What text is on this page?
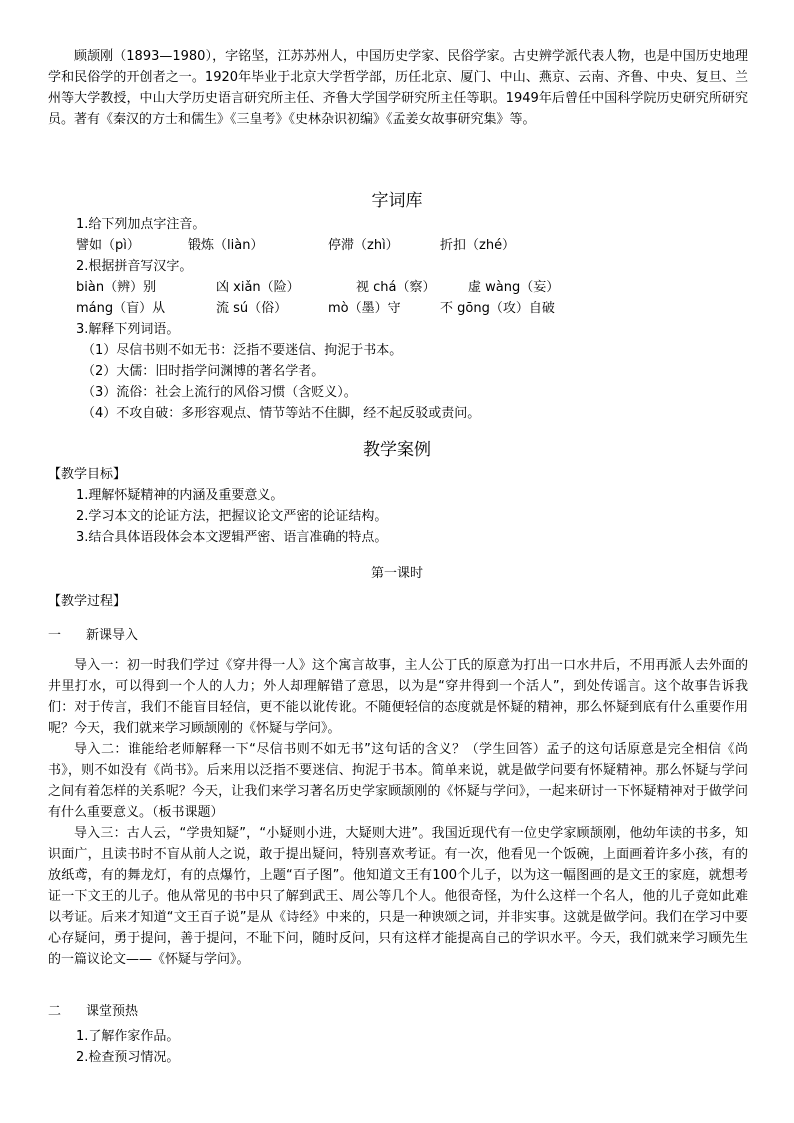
顾颉刚（1893—1980），字铭坚，江苏苏州人，中国历史学家、民俗学家。古史辨学派代表人物，也是中国历史地理学和民俗学的开创者之一。1920年毕业于北京大学哲学部，历任北京、厦门、中山、燕京、云南、齐鲁、中央、复旦、兰州等大学教授，中山大学历史语言研究所主任、齐鲁大学国学研究所主任等职。1949年后曾任中国科学院历史研究所研究员。著有《秦汉的方士和儒生》《三皇考》《史林杂识初编》《孟姜女故事研究集》等。

字词库

1.给下列加点字注音。

譬如（pì）	锻炼（liàn）	停滞（zhì）	折扣（zhé）

2.根据拼音写汉字。

biàn（辨）别	凶 xiǎn（险）	视 chá（察）	虚 wàng（妄）
máng（盲）从	流 sú（俗）	mò（墨）守	不 gōng（攻）自破

3.解释下列词语。

（1）尽信书则不如无书：泛指不要迷信、拘泥于书本。

（2）大儒：旧时指学问渊博的著名学者。

（3）流俗：社会上流行的风俗习惯（含贬义）。

（4）不攻自破：多形容观点、情节等站不住脚，经不起反驳或责问。

教学案例

【教学目标】

1.理解怀疑精神的内涵及重要意义。

2.学习本文的论证方法，把握议论文严密的论证结构。

3.结合具体语段体会本文逻辑严密、语言准确的特点。

第一课时

【教学过程】

一 新课导入

导入一：初一时我们学过《穿井得一人》这个寓言故事，主人公丁氏的原意为打出一口水井后，不用再派人去外面的井里打水，可以得到一个人的人力；外人却理解错了意思，以为是“穿井得到一个活人”，到处传谣言。这个故事告诉我们：对于传言，我们不能盲目轻信，更不能以讹传讹。不随便轻信的态度就是怀疑的精神，那么怀疑到底有什么重要作用呢？今天，我们就来学习顾颉刚的《怀疑与学问》。

导入二：谁能给老师解释一下“尽信书则不如无书”这句话的含义？（学生回答）孟子的这句话原意是完全相信《尚书》，则不如没有《尚书》。后来用以泛指不要迷信、拘泥于书本。简单来说，就是做学问要有怀疑精神。那么怀疑与学问之间有着怎样的关系呢？今天，让我们来学习著名历史学家顾颉刚的《怀疑与学问》，一起来研讨一下怀疑精神对于做学问有什么重要意义。（板书课题）

导入三：古人云，“学贵知疑”，“小疑则小进，大疑则大进”。我国近现代有一位史学家顾颉刚，他幼年读的书多，知识面广，且读书时不盲从前人之说，敢于提出疑问，特别喜欢考证。有一次，他看见一个饭碗，上面画着许多小孩，有的放纸鸢，有的舞龙灯，有的点爆竹，上题“百子图”。他知道文王有100个儿子，以为这一幅图画的是文王的家庭，就想考证一下文王的儿子。他从常见的书中只了解到武王、周公等几个人。他很奇怪，为什么这样一个名人，他的儿子竟如此难以考证。后来才知道“文王百子说”是从《诗经》中来的，只是一种谀颂之词，并非实事。这就是做学问。我们在学习中要心存疑问，勇于提问，善于提问，不耻下问，随时反问，只有这样才能提高自己的学识水平。今天，我们就来学习顾先生的一篇议论文——《怀疑与学问》。

二 课堂预热

1.了解作家作品。

2.检查预习情况。
